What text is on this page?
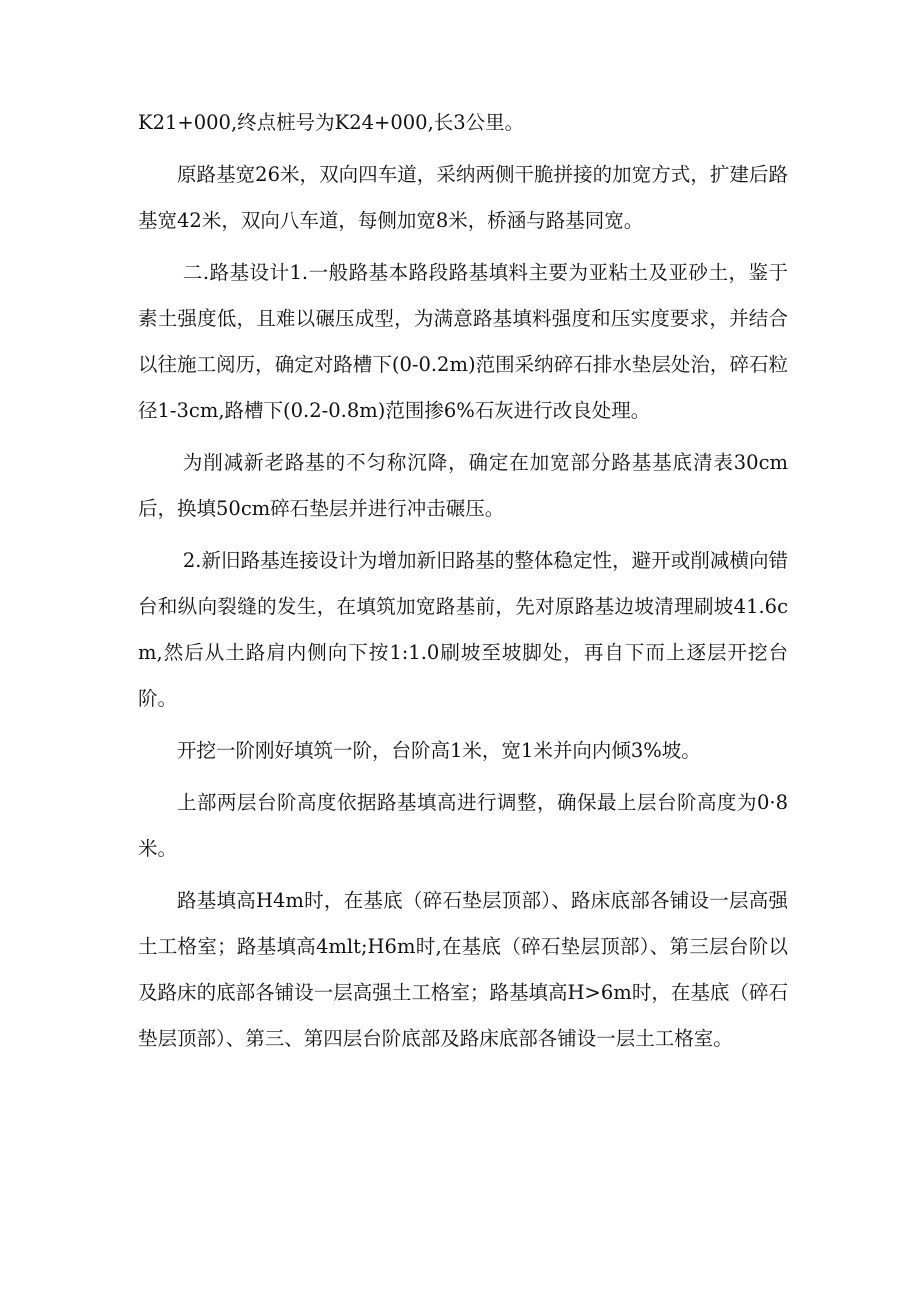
K21+000,终点桩号为K24+000,长3公里。

原路基宽26米，双向四车道，采纳两侧干脆拼接的加宽方式，扩建后路基宽42米，双向八车道，每侧加宽8米，桥涵与路基同宽。

二.路基设计1.一般路基本路段路基填料主要为亚粘土及亚砂土，鉴于素土强度低，且难以碾压成型，为满意路基填料强度和压实度要求，并结合以往施工阅历，确定对路槽下(0-0.2m)范围采纳碎石排水垫层处治，碎石粒径1-3cm,路槽下(0.2-0.8m)范围掺6%石灰进行改良处理。

为削减新老路基的不匀称沉降，确定在加宽部分路基基底清表30cm后，换填50cm碎石垫层并进行冲击碾压。

2.新旧路基连接设计为增加新旧路基的整体稳定性，避开或削减横向错台和纵向裂缝的发生，在填筑加宽路基前，先对原路基边坡清理刷坡41.6cm,然后从土路肩内侧向下按1:1.0刷坡至坡脚处，再自下而上逐层开挖台阶。

开挖一阶刚好填筑一阶，台阶高1米，宽1米并向内倾3%坡。

上部两层台阶高度依据路基填高进行调整，确保最上层台阶高度为0·8米。

路基填高H4m时，在基底（碎石垫层顶部）、路床底部各铺设一层高强土工格室；路基填高4mlt;H6m时,在基底（碎石垫层顶部）、第三层台阶以及路床的底部各铺设一层高强土工格室；路基填高H>6m时，在基底（碎石垫层顶部）、第三、第四层台阶底部及路床底部各铺设一层土工格室。
